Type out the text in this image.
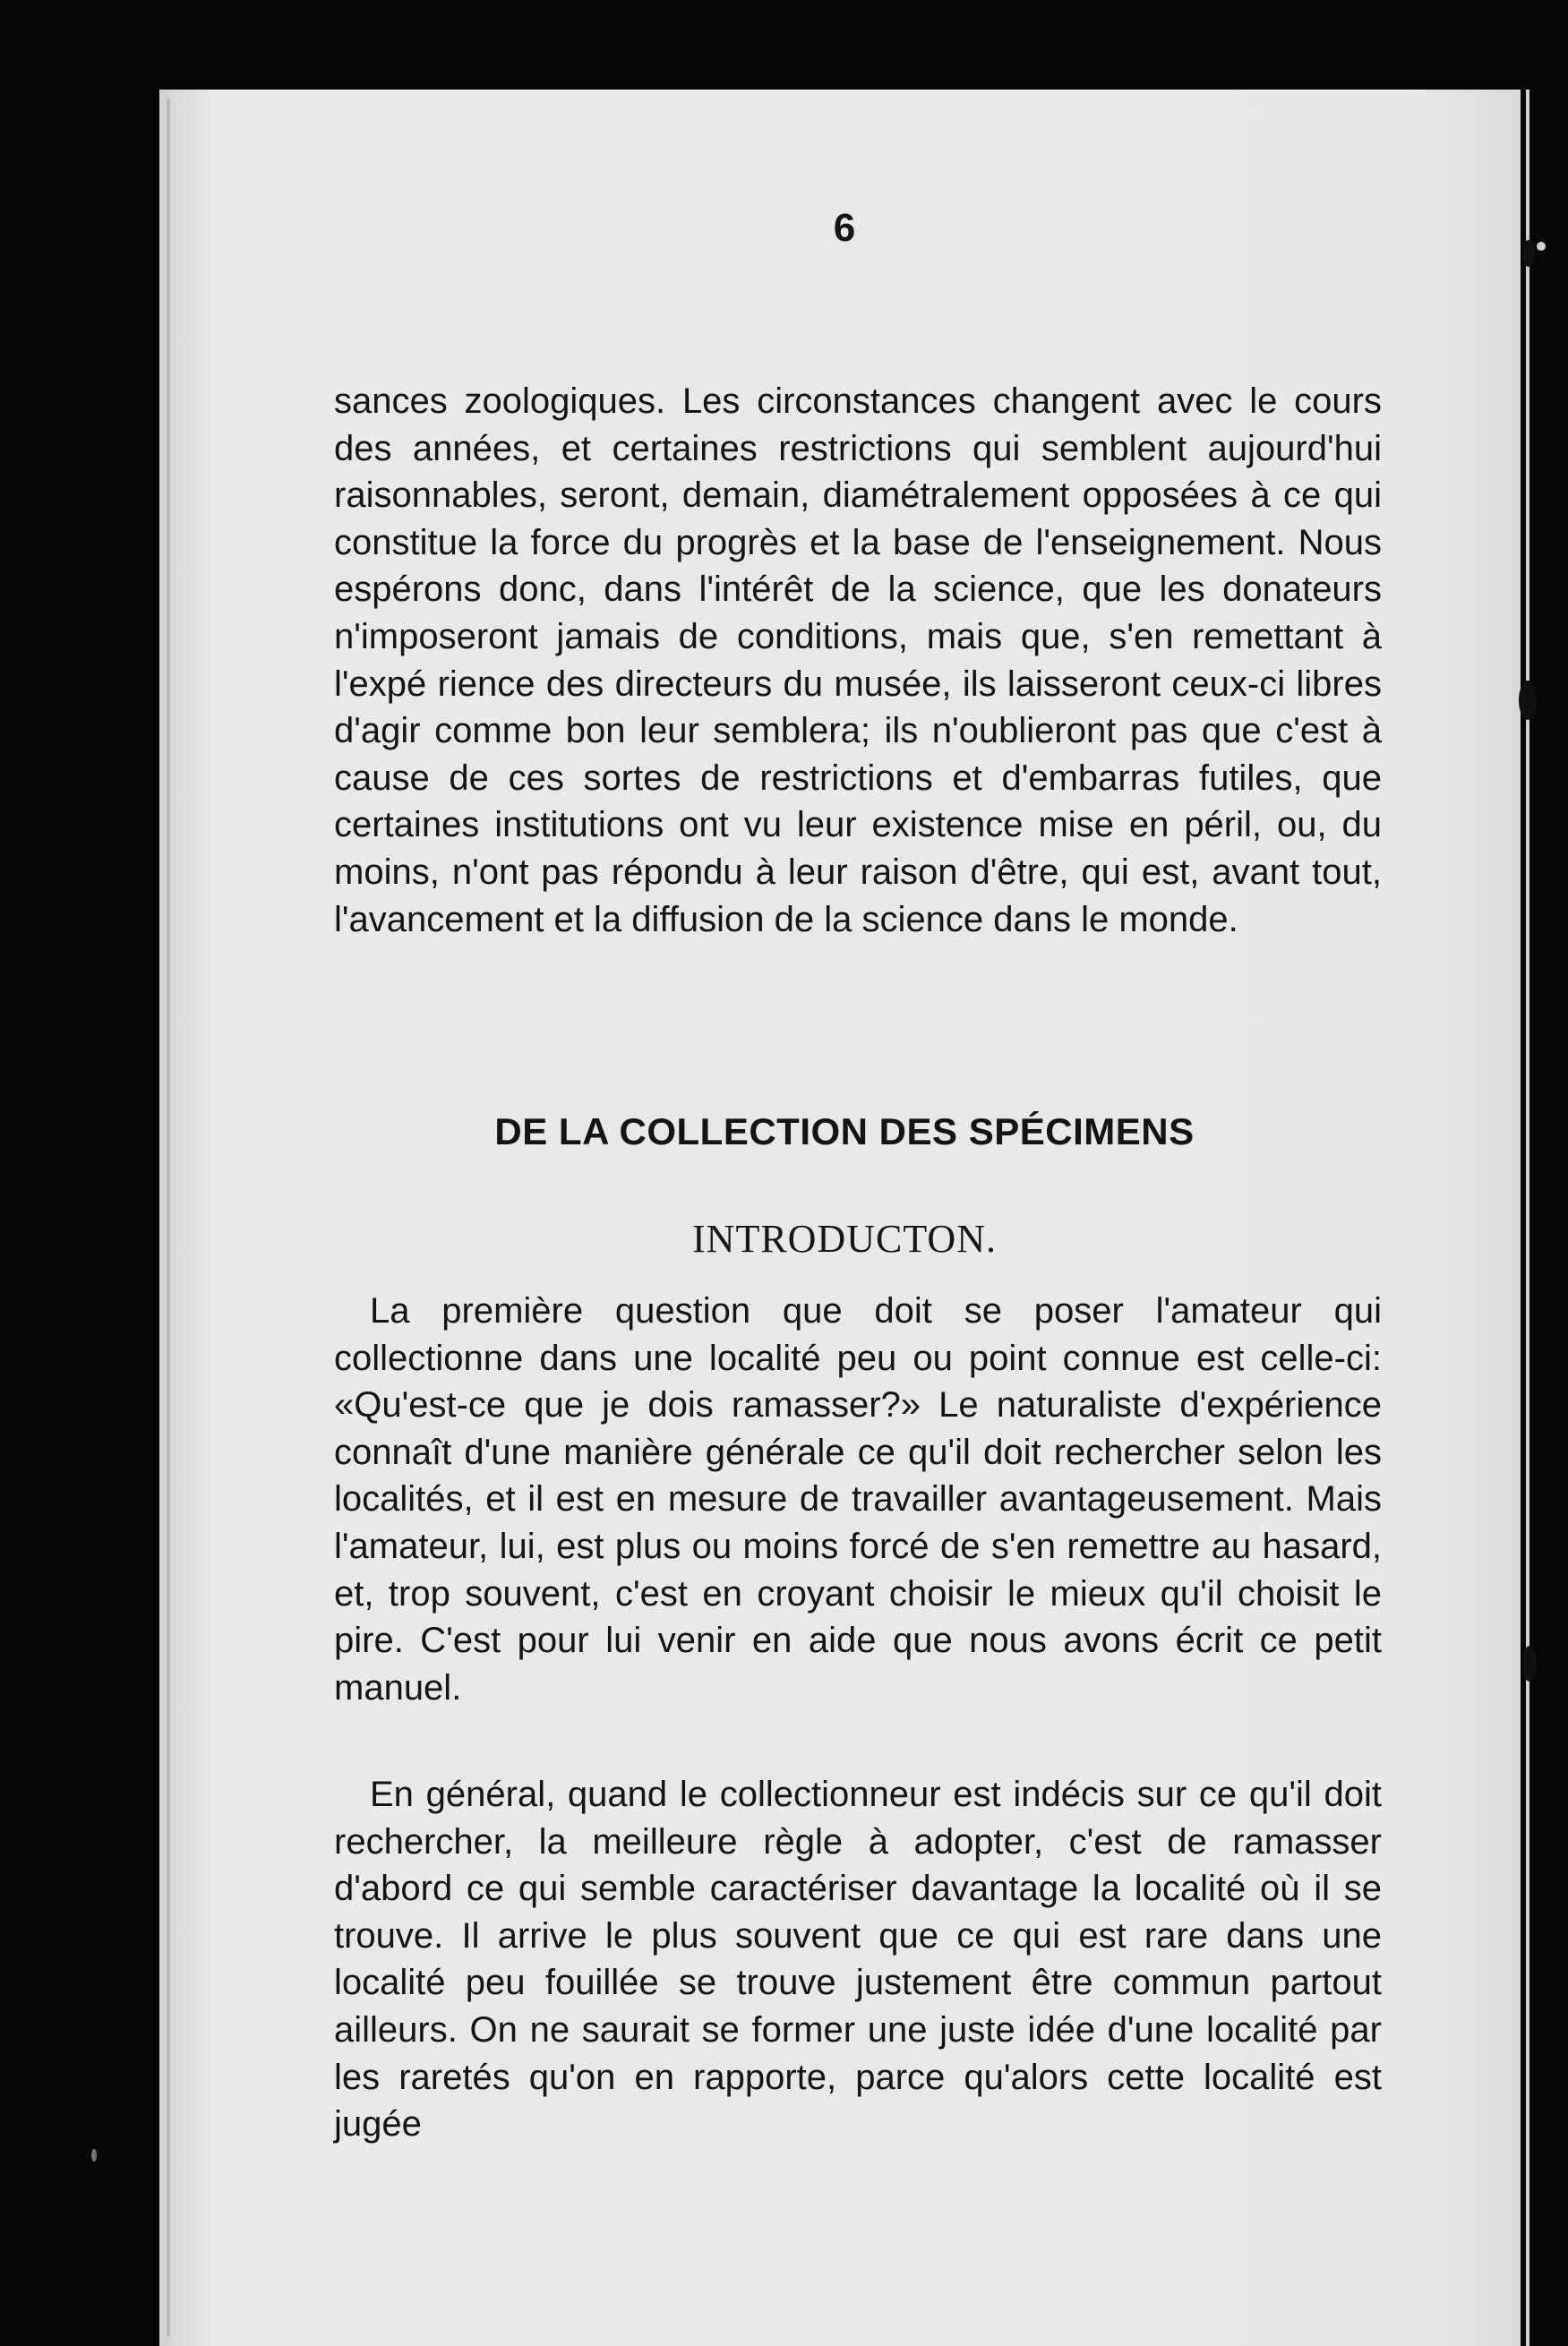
6

sances zoologiques. Les circonstances changent avec le cours des années, et certaines restrictions qui semblent aujourd'hui raisonnables, seront, demain, diamétralement opposées à ce qui constitue la force du progrès et la base de l'enseignement. Nous espérons donc, dans l'intérêt de la science, que les donateurs n'imposeront jamais de conditions, mais que, s'en remettant à l'expé rience des directeurs du musée, ils laisseront ceux-ci libres d'agir comme bon leur semblera; ils n'oublieront pas que c'est à cause de ces sortes de restrictions et d'embarras futiles, que certaines institutions ont vu leur existence mise en péril, ou, du moins, n'ont pas répondu à leur raison d'être, qui est, avant tout, l'avancement et la diffusion de la science dans le monde.

DE LA COLLECTION DES SPÉCIMENS
INTRODUCTON.

La première question que doit se poser l'amateur qui collectionne dans une localité peu ou point connue est celle-ci: «Qu'est-ce que je dois ramasser?» Le naturaliste d'expérience connaît d'une manière générale ce qu'il doit rechercher selon les localités, et il est en mesure de travailler avantageusement. Mais l'amateur, lui, est plus ou moins forcé de s'en remettre au hasard, et, trop souvent, c'est en croyant choisir le mieux qu'il choisit le pire. C'est pour lui venir en aide que nous avons écrit ce petit manuel.

En général, quand le collectionneur est indécis sur ce qu'il doit rechercher, la meilleure règle à adopter, c'est de ramasser d'abord ce qui semble caractériser davantage la localité où il se trouve. Il arrive le plus souvent que ce qui est rare dans une localité peu fouillée se trouve justement être commun partout ailleurs. On ne saurait se former une juste idée d'une localité par les raretés qu'on en rapporte, parce qu'alors cette localité est jugée
